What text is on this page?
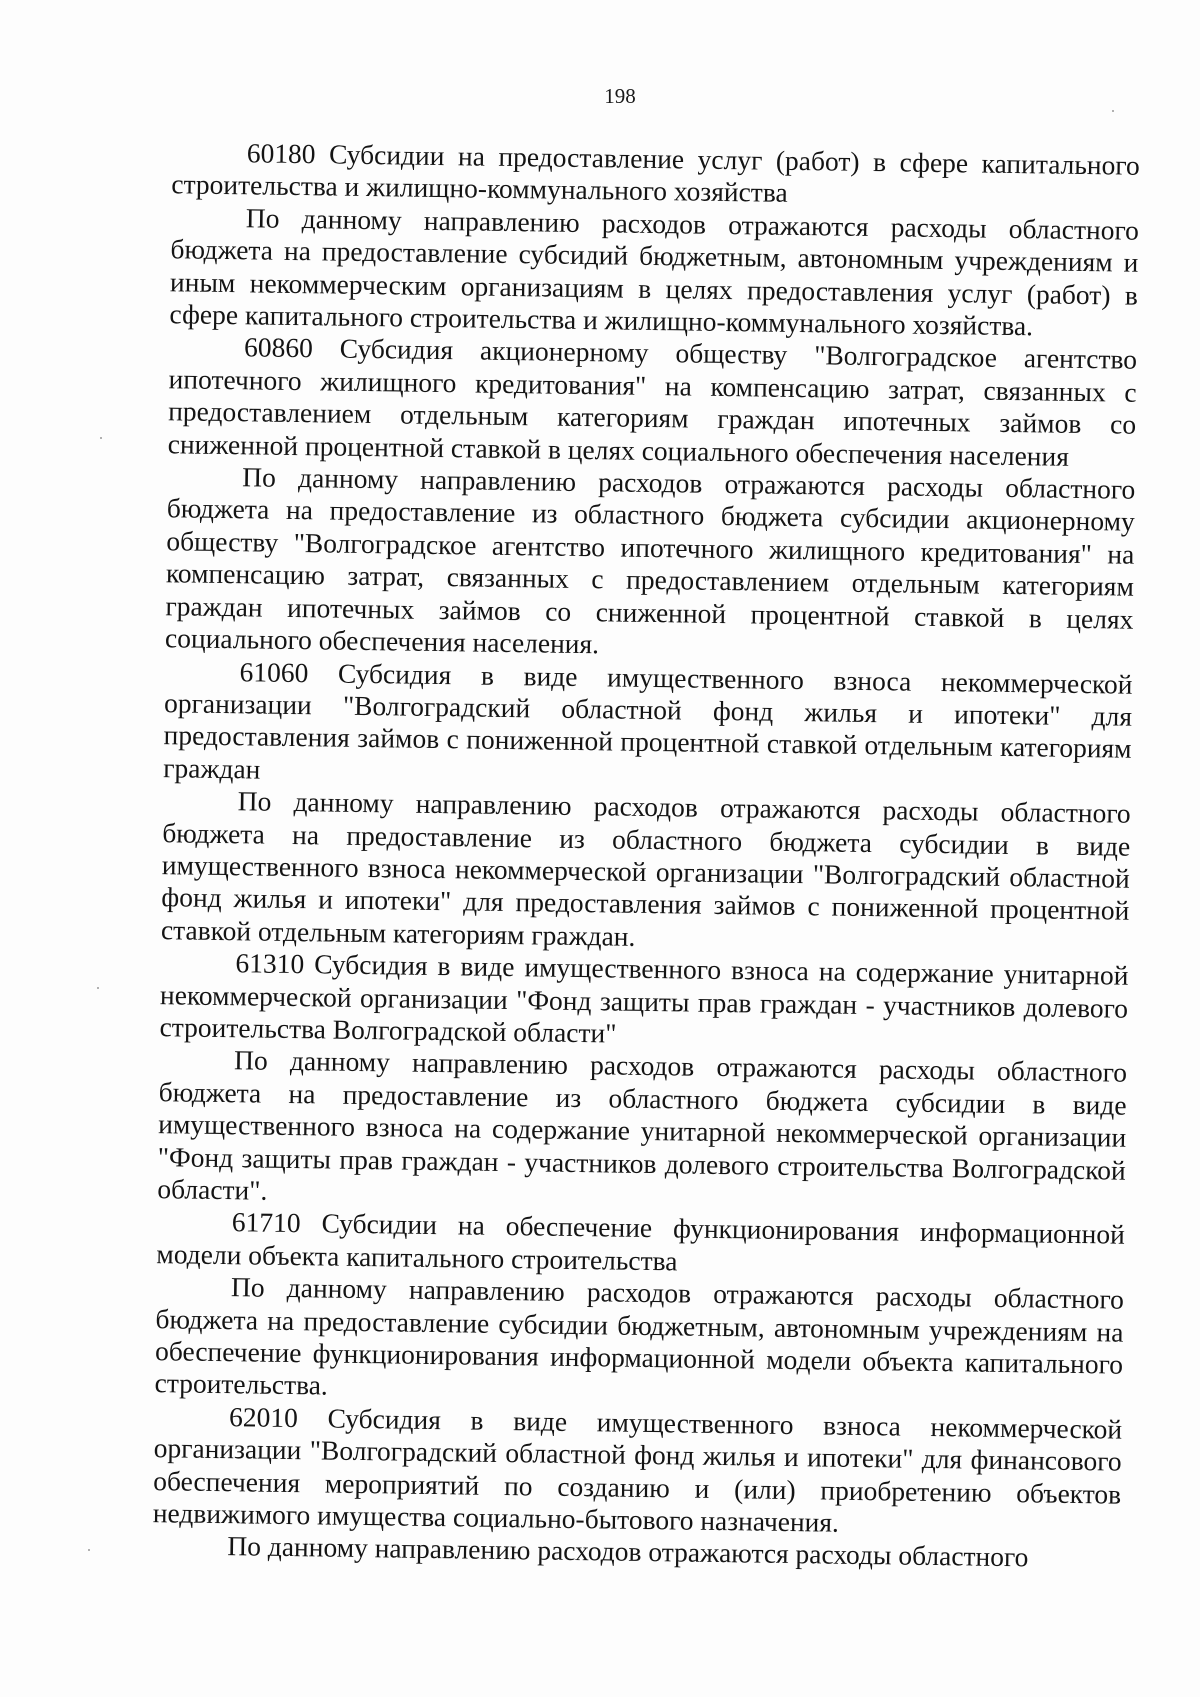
198

60180 Субсидии на предоставление услуг (работ) в сфере капитального строительства и жилищно-коммунального хозяйства

По данному направлению расходов отражаются расходы областного бюджета на предоставление субсидий бюджетным, автономным учреждениям и иным некоммерческим организациям в целях предоставления услуг (работ) в сфере капитального строительства и жилищно-коммунального хозяйства.

60860 Субсидия акционерному обществу "Волгоградское агентство ипотечного жилищного кредитования" на компенсацию затрат, связанных с предоставлением отдельным категориям граждан ипотечных займов со сниженной процентной ставкой в целях социального обеспечения населения

По данному направлению расходов отражаются расходы областного бюджета на предоставление из областного бюджета субсидии акционерному обществу "Волгоградское агентство ипотечного жилищного кредитования" на компенсацию затрат, связанных с предоставлением отдельным категориям граждан ипотечных займов со сниженной процентной ставкой в целях социального обеспечения населения.

61060 Субсидия в виде имущественного взноса некоммерческой организации "Волгоградский областной фонд жилья и ипотеки" для предоставления займов с пониженной процентной ставкой отдельным категориям граждан

По данному направлению расходов отражаются расходы областного бюджета на предоставление из областного бюджета субсидии в виде имущественного взноса некоммерческой организации "Волгоградский областной фонд жилья и ипотеки" для предоставления займов с пониженной процентной ставкой отдельным категориям граждан.

61310 Субсидия в виде имущественного взноса на содержание унитарной некоммерческой организации "Фонд защиты прав граждан - участников долевого строительства Волгоградской области"

По данному направлению расходов отражаются расходы областного бюджета на предоставление из областного бюджета субсидии в виде имущественного взноса на содержание унитарной некоммерческой организации "Фонд защиты прав граждан - участников долевого строительства Волгоградской области".

61710 Субсидии на обеспечение функционирования информационной модели объекта капитального строительства

По данному направлению расходов отражаются расходы областного бюджета на предоставление субсидии бюджетным, автономным учреждениям на обеспечение функционирования информационной модели объекта капитального строительства.

62010 Субсидия в виде имущественного взноса некоммерческой организации "Волгоградский областной фонд жилья и ипотеки" для финансового обеспечения мероприятий по созданию и (или) приобретению объектов недвижимого имущества социально-бытового назначения.

По данному направлению расходов отражаются расходы областного
